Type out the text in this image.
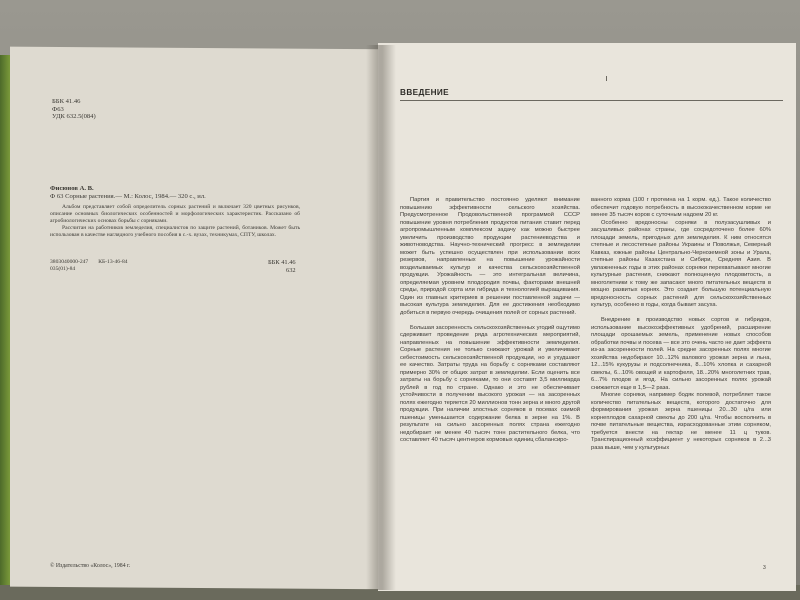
ББК 41.46
Ф63
УДК 632.5(084)
Фисюнов А. В.
Ф 63 Сорные растения.— М.: Колос, 1984.— 320 с., ил.
Альбом представляет собой определитель сорных растений и включает 320 цветных рисунков, описание основных биологических особенностей и морфологических характеристик. Рассказано об агробиологических основах борьбы с сорняками.
Рассчитан на работников земледелия, специалистов по защите растений, ботаников. Может быть использован в качестве наглядного учебного пособия в с.-х. вузах, техникумах, СПТУ, школах.
3803040000-247 КБ-13-46-84
035(01)-84
ББК 41.46
632
© Издательство «Колос», 1984 г.
ВВЕДЕНИЕ

Партия и правительство постоянно уделяют внимание повышению эффективности сельского хозяйства. Предусмотренное Продовольственной программой СССР повышение уровня потребления продуктов питания ставит перед агропромышленным комплексом задачу как можно быстрее увеличить производство продукции растениеводства и животноводства. Научно-технический прогресс в земледелии может быть успешно осуществлен при использовании всех резервов, направленных на повышение урожайности возделываемых культур и качества сельскохозяйственной продукции. Урожайность — это интегральная величина, определяемая уровнем плодородия почвы, факторами внешней среды, природой сорта или гибрида и технологией выращивания. Один из главных критериев в решении поставленной задачи — высокая культура земледелия. Для ее достижения необходимо добиться в первую очередь очищения полей от сорных растений.

Большая засоренность сельскохозяйственных угодий ощутимо сдерживает проведение ряда агротехнических мероприятий, направленных на повышение эффективности земледелия. Сорные растения не только снижают урожай и увеличивают себестоимость сельскохозяйственной продукции, но и ухудшают ее качество. Затраты труда на борьбу с сорняками составляют примерно 30% от общих затрат в земледелии. Если оценить все затраты на борьбу с сорняками, то они составят 3,5 миллиарда рублей в год по стране. Однако и это не обеспечивает устойчивости в получении высокого урожая — на засоренных полях ежегодно теряется 20 миллионов тонн зерна и много другой продукции. При наличии злостных сорняков в посевах озимой пшеницы уменьшается содержание белка в зерне на 1%. В результате на сильно засоренных полях страна ежегодно недобирает не менее 40 тысяч тонн растительного белка, что составляет 40 тысяч центнеров кормовых единиц сбалансиро-

ванного корма (100 г протеина на 1 корм. ед.). Такое количество обеспечит годовую потребность в высококачественном корме не менее 35 тысяч коров с суточным надоем 20 кг.

Особенно вредоносны сорняки в полузасушливых и засушливых районах страны, где сосредоточено более 60% площади земель, пригодных для земледелия. К ним относятся степные и лесостепные районы Украины и Поволжья, Северный Кавказ, южные районы Центрально-Черноземной зоны и Урала, степные районы Казахстана и Сибири, Средняя Азия. В увлажненных годы в этих районах сорняки перехватывают многие культурные растения, снижают полноценную плодовитость, а многолетники к тому же запасают много питательных веществ в мощно развитых корнях. Это создает большую потенциальную вредоносность сорных растений для сельскохозяйственных культур, особенно в годы, когда бывает засуха.

Внедрение в производство новых сортов и гибридов, использование высокоэффективных удобрений, расширение площади орошаемых земель, применение новых способов обработки почвы и посева — все это очень часто не дает эффекта из-за засоренности полей. На средне засоренных полях многие хозяйства недобирают 10...12% валового урожая зерна и льна, 12...15% кукурузы и подсолнечника, 8...10% хлопка и сахарной свеклы, 6...10% овощей и картофеля, 18...20% многолетних трав, 6...7% плодов и ягод. На сильно засоренных полях урожай снижается еще в 1,5—2 раза.

Многие сорняки, например бодяк полевой, потребляет такое количество питательных веществ, которого достаточно для формирования урожая зерна пшеницы 20...30 ц/га или корнеплодов сахарной свеклы до 200 ц/га. Чтобы восполнить в почве питательные вещества, израсходованные этим сорняком, требуется внести на гектар не менее 11 ц туков. Транспирационный коэффициент у некоторых сорняков в 2...3 раза выше, чем у культурных

3
